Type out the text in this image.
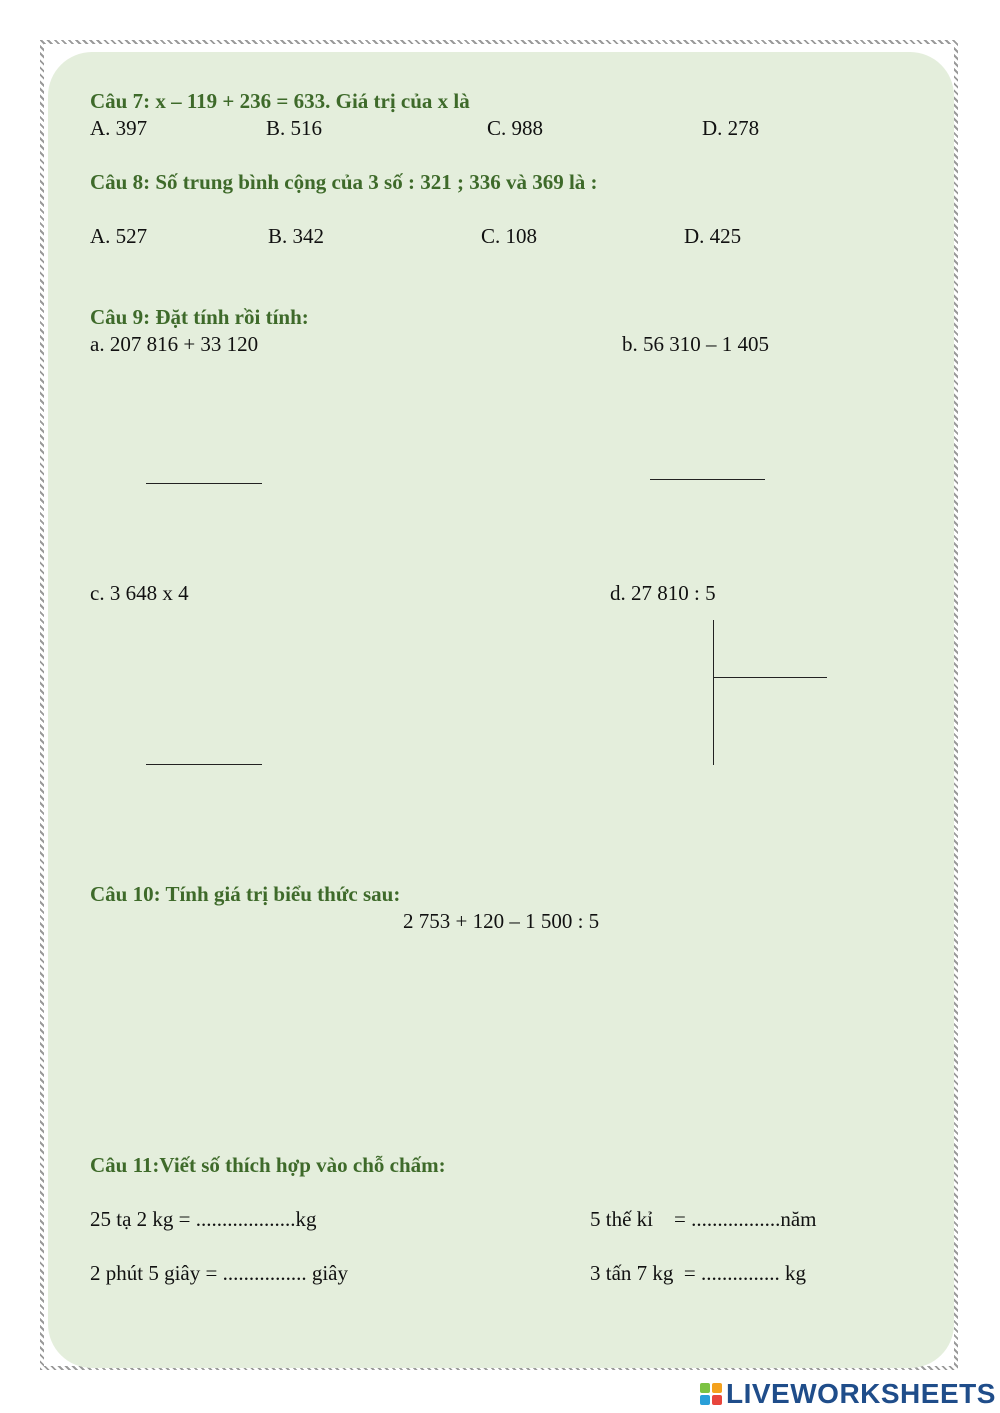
Câu 7: x – 119 + 236 = 633. Giá trị của x là
A. 397	B. 516	C. 988	D. 278
Câu 8: Số trung bình cộng của 3 số : 321 ; 336 và 369 là :
A. 527	B. 342	C. 108	D. 425
Câu 9: Đặt tính rồi tính:
a. 207 816 + 33 120	b. 56 310 – 1 405
c. 3 648 x 4	d. 27 810 : 5
Câu 10: Tính giá trị biểu thức sau:
2 753 + 120 – 1 500 : 5
Câu 11:Viết số thích hợp vào chỗ chấm:
25 tạ 2 kg = ...................kg	5 thế kỉ    = .................năm
2 phút 5 giây = ................ giây	3 tấn 7 kg  = ............... kg
LIVEWORKSHEETS
